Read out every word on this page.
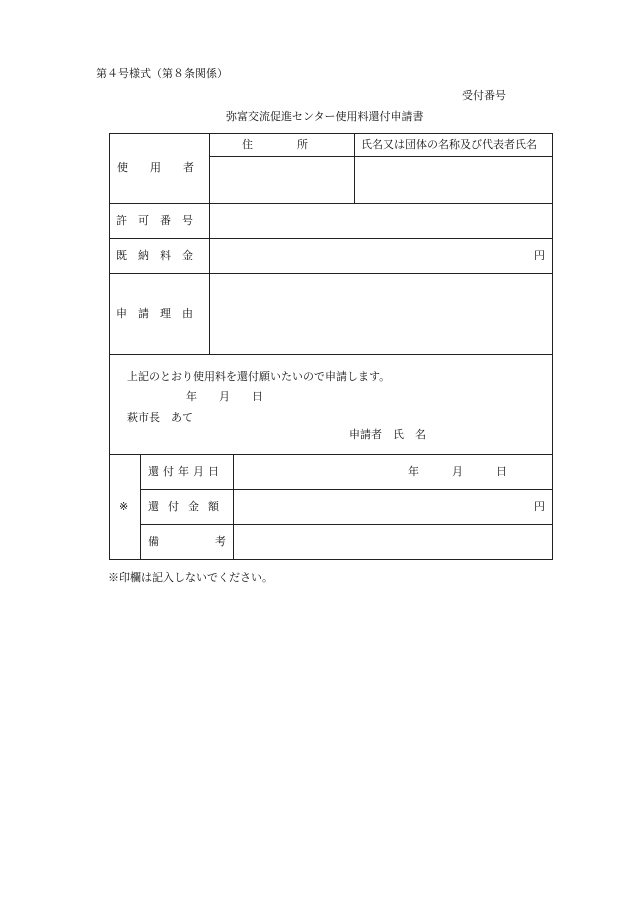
第４号様式（第８条関係）
受付番号
弥富交流促進センター使用料還付申請書
使　　用　　者
住　　　　所	氏名又は団体の名称及び代表者氏名
許　可　番　号
既　納　料　金	円
申　請　理　由
上記のとおり使用料を還付願いたいので申請します。
年　　月　　日
萩市長　あて
申請者　氏　名
※
還付年月日	年　　　月　　　日
還付金額	円
備考
※印欄は記入しないでください。
